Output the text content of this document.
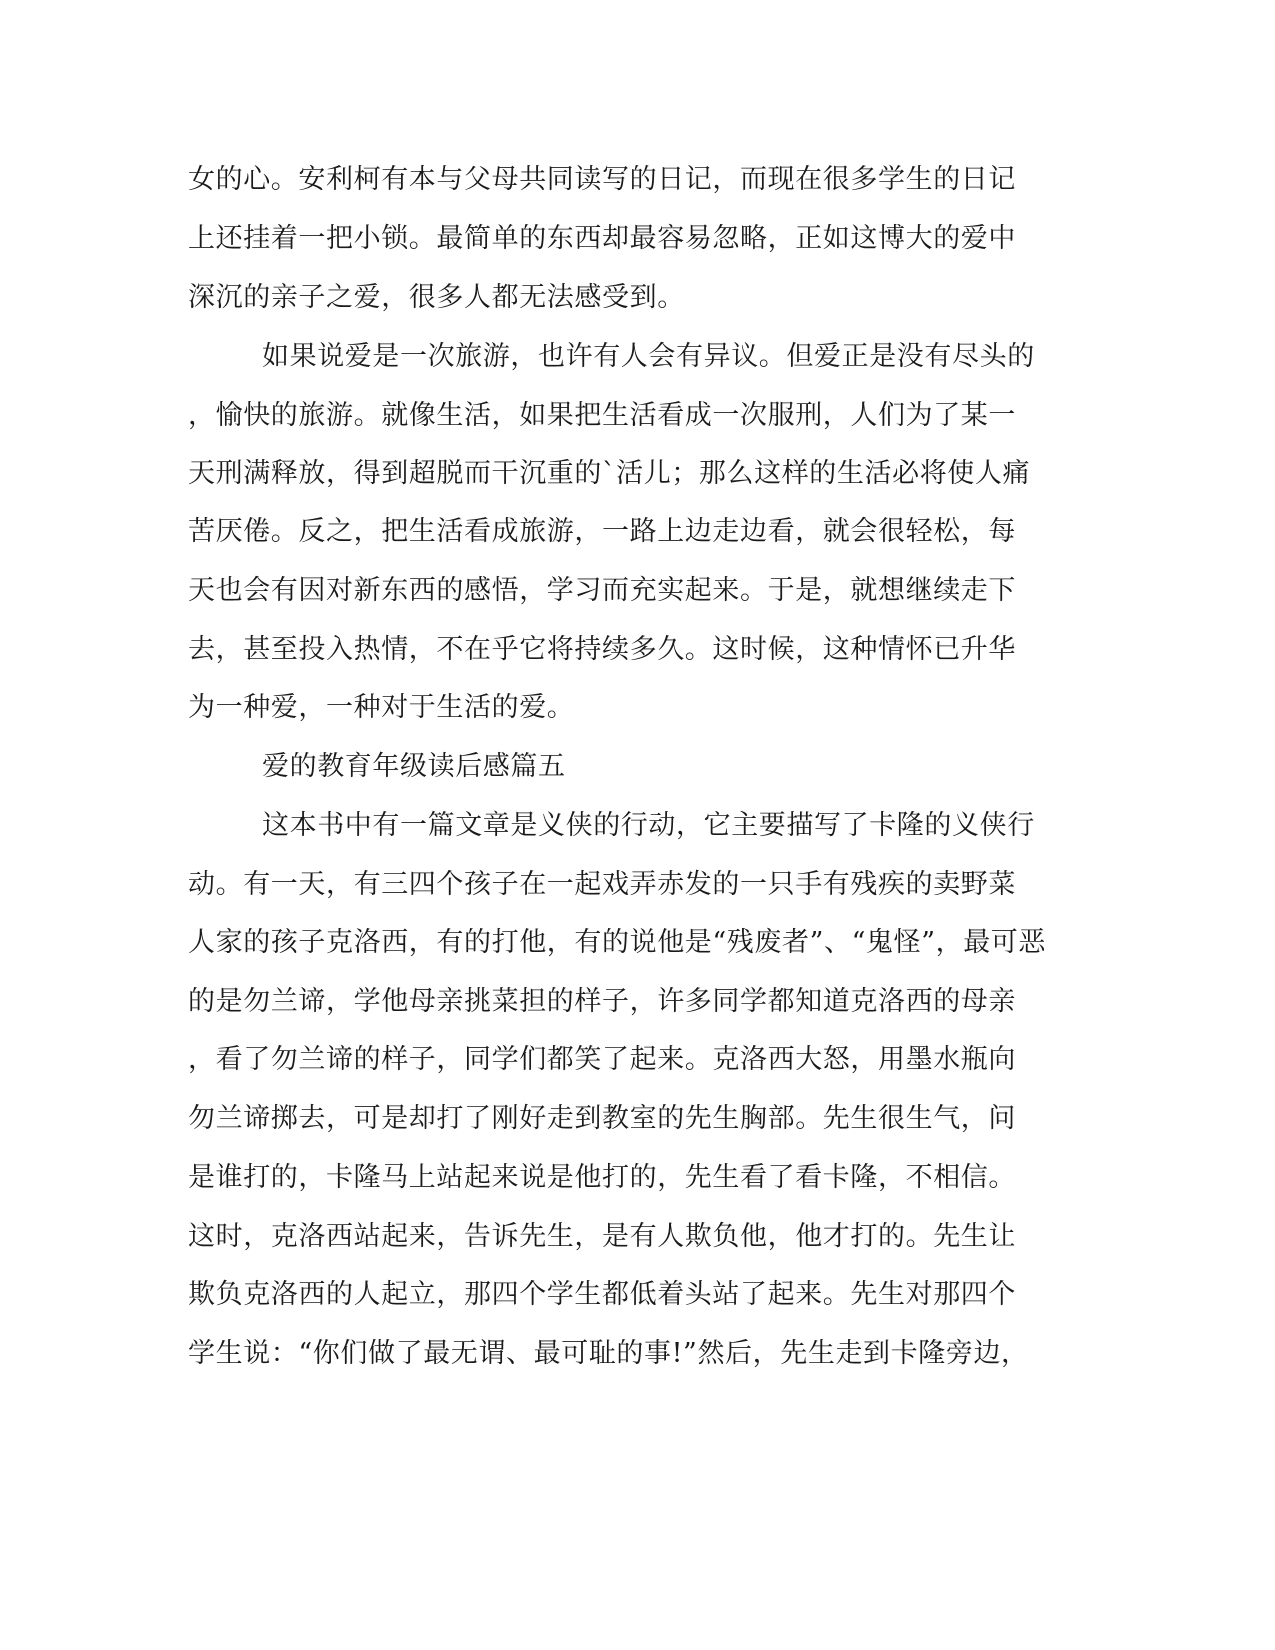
女的心。安利柯有本与父母共同读写的日记，而现在很多学生的日记
上还挂着一把小锁。最简单的东西却最容易忽略，正如这博大的爱中
深沉的亲子之爱，很多人都无法感受到。
如果说爱是一次旅游，也许有人会有异议。但爱正是没有尽头的
，愉快的旅游。就像生活，如果把生活看成一次服刑，人们为了某一
天刑满释放，得到超脱而干沉重的`活儿；那么这样的生活必将使人痛
苦厌倦。反之，把生活看成旅游，一路上边走边看，就会很轻松，每
天也会有因对新东西的感悟，学习而充实起来。于是，就想继续走下
去，甚至投入热情，不在乎它将持续多久。这时候，这种情怀已升华
为一种爱，一种对于生活的爱。
爱的教育年级读后感篇五
这本书中有一篇文章是义侠的行动，它主要描写了卡隆的义侠行
动。有一天，有三四个孩子在一起戏弄赤发的一只手有残疾的卖野菜
人家的孩子克洛西，有的打他，有的说他是“残废者”、“鬼怪”，最可恶
的是勿兰谛，学他母亲挑菜担的样子，许多同学都知道克洛西的母亲
，看了勿兰谛的样子，同学们都笑了起来。克洛西大怒，用墨水瓶向
勿兰谛掷去，可是却打了刚好走到教室的先生胸部。先生很生气，问
是谁打的，卡隆马上站起来说是他打的，先生看了看卡隆，不相信。
这时，克洛西站起来，告诉先生，是有人欺负他，他才打的。先生让
欺负克洛西的人起立，那四个学生都低着头站了起来。先生对那四个
学生说：“你们做了最无谓、最可耻的事!”然后，先生走到卡隆旁边，
